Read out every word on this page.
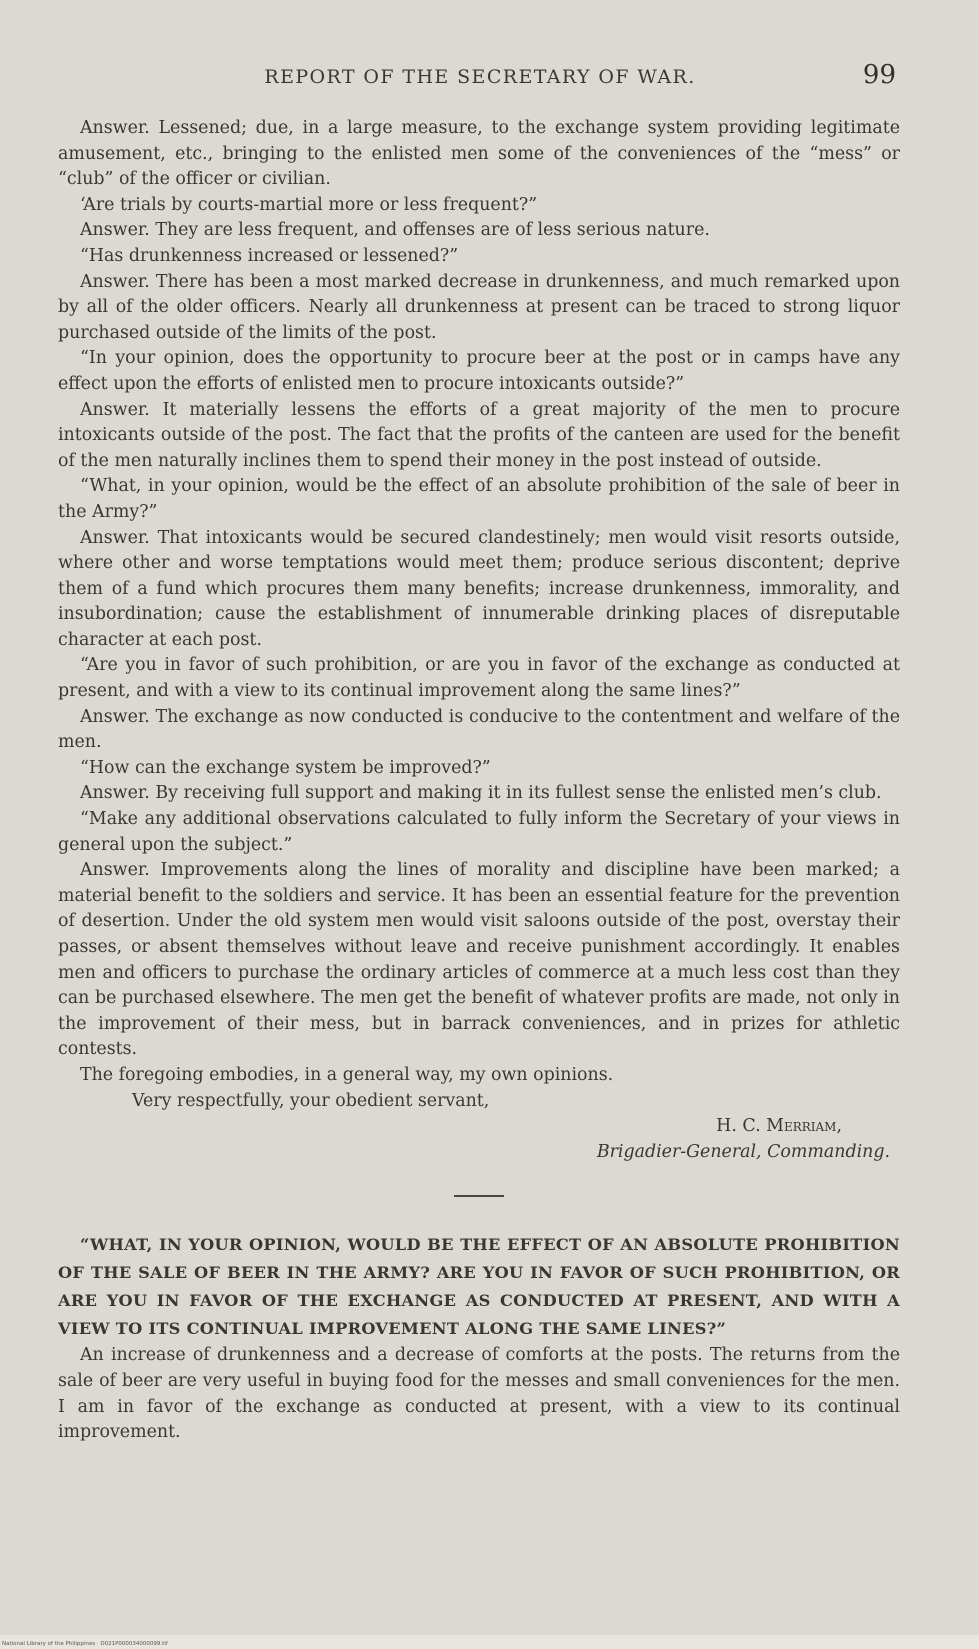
REPORT OF THE SECRETARY OF WAR.	99

Answer. Lessened; due, in a large measure, to the exchange system providing legitimate amusement, etc., bringing to the enlisted men some of the conveniences of the “mess” or “club” of the officer or civilian.

‘Are trials by courts-martial more or less frequent?”

Answer. They are less frequent, and offenses are of less serious nature.

“Has drunkenness increased or lessened?”

Answer. There has been a most marked decrease in drunkenness, and much remarked upon by all of the older officers. Nearly all drunkenness at present can be traced to strong liquor purchased outside of the limits of the post.

“In your opinion, does the opportunity to procure beer at the post or in camps have any effect upon the efforts of enlisted men to procure intoxicants outside?”

Answer. It materially lessens the efforts of a great majority of the men to procure intoxicants outside of the post. The fact that the profits of the canteen are used for the benefit of the men naturally inclines them to spend their money in the post instead of outside.

“What, in your opinion, would be the effect of an absolute prohibition of the sale of beer in the Army?”

Answer. That intoxicants would be secured clandestinely; men would visit resorts outside, where other and worse temptations would meet them; produce serious discontent; deprive them of a fund which procures them many benefits; increase drunkenness, immorality, and insubordination; cause the establishment of innumerable drinking places of disreputable character at each post.

“Are you in favor of such prohibition, or are you in favor of the exchange as conducted at present, and with a view to its continual improvement along the same lines?”

Answer. The exchange as now conducted is conducive to the contentment and welfare of the men.

“How can the exchange system be improved?”

Answer. By receiving full support and making it in its fullest sense the enlisted men’s club.

“Make any additional observations calculated to fully inform the Secretary of your views in general upon the subject.”

Answer. Improvements along the lines of morality and discipline have been marked; a material benefit to the soldiers and service. It has been an essential feature for the prevention of desertion. Under the old system men would visit saloons outside of the post, overstay their passes, or absent themselves without leave and receive punishment accordingly. It enables men and officers to purchase the ordinary articles of commerce at a much less cost than they can be purchased elsewhere. The men get the benefit of whatever profits are made, not only in the improvement of their mess, but in barrack conveniences, and in prizes for athletic contests.

The foregoing embodies, in a general way, my own opinions.

Very respectfully, your obedient servant,

H. C. Merriam,

Brigadier-General, Commanding.

“WHAT, IN YOUR OPINION, WOULD BE THE EFFECT OF AN ABSOLUTE PROHIBITION OF THE SALE OF BEER IN THE ARMY? ARE YOU IN FAVOR OF SUCH PROHIBITION, OR ARE YOU IN FAVOR OF THE EXCHANGE AS CONDUCTED AT PRESENT, AND WITH A VIEW TO ITS CONTINUAL IMPROVEMENT ALONG THE SAME LINES?”

An increase of drunkenness and a decrease of comforts at the posts. The returns from the sale of beer are very useful in buying food for the messes and small conveniences for the men. I am in favor of the exchange as conducted at present, with a view to its continual improvement.

National Library of the Philippines · D021P000034000099.tif
